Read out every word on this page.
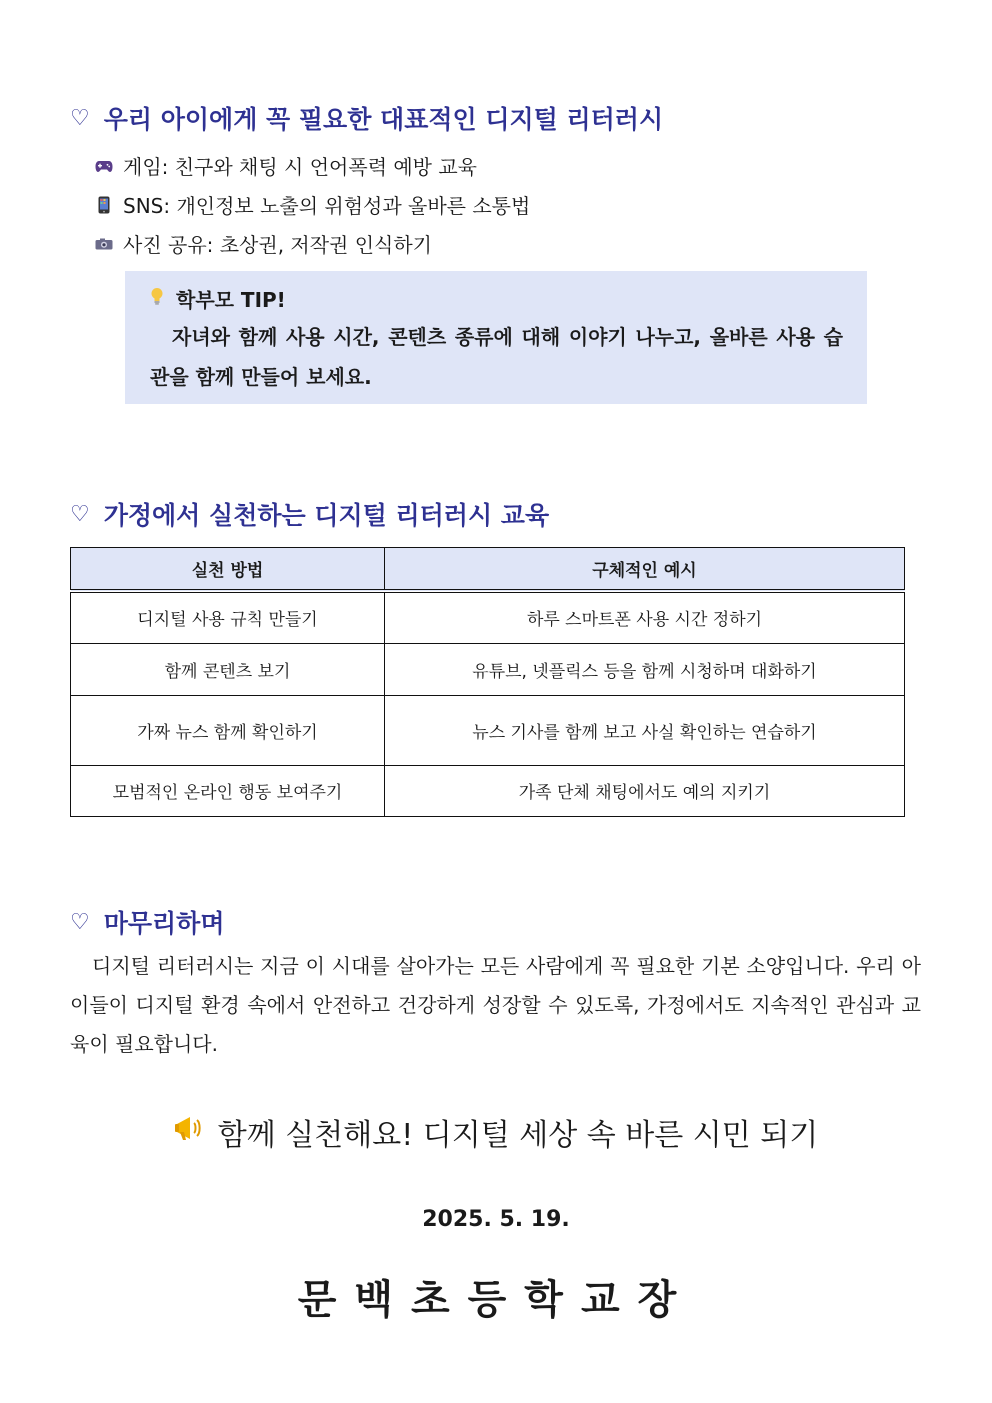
♡ 우리 아이에게 꼭 필요한 대표적인 디지털 리터러시
게임: 친구와 채팅 시 언어폭력 예방 교육
SNS: 개인정보 노출의 위험성과 올바른 소통법
사진 공유: 초상권, 저작권 인식하기
학부모 TIP!
자녀와 함께 사용 시간, 콘텐츠 종류에 대해 이야기 나누고, 올바른 사용 습관을 함께 만들어 보세요.
♡ 가정에서 실천하는 디지털 리터러시 교육
실천 방법	구체적인 예시
디지털 사용 규칙 만들기	하루 스마트폰 사용 시간 정하기
함께 콘텐츠 보기	유튜브, 넷플릭스 등을 함께 시청하며 대화하기
가짜 뉴스 함께 확인하기	뉴스 기사를 함께 보고 사실 확인하는 연습하기
모범적인 온라인 행동 보여주기	가족 단체 채팅에서도 예의 지키기
♡ 마무리하며
디지털 리터러시는 지금 이 시대를 살아가는 모든 사람에게 꼭 필요한 기본 소양입니다. 우리 아이들이 디지털 환경 속에서 안전하고 건강하게 성장할 수 있도록, 가정에서도 지속적인 관심과 교육이 필요합니다.
함께 실천해요! 디지털 세상 속 바른 시민 되기
2025. 5. 19.
문백초등학교장
